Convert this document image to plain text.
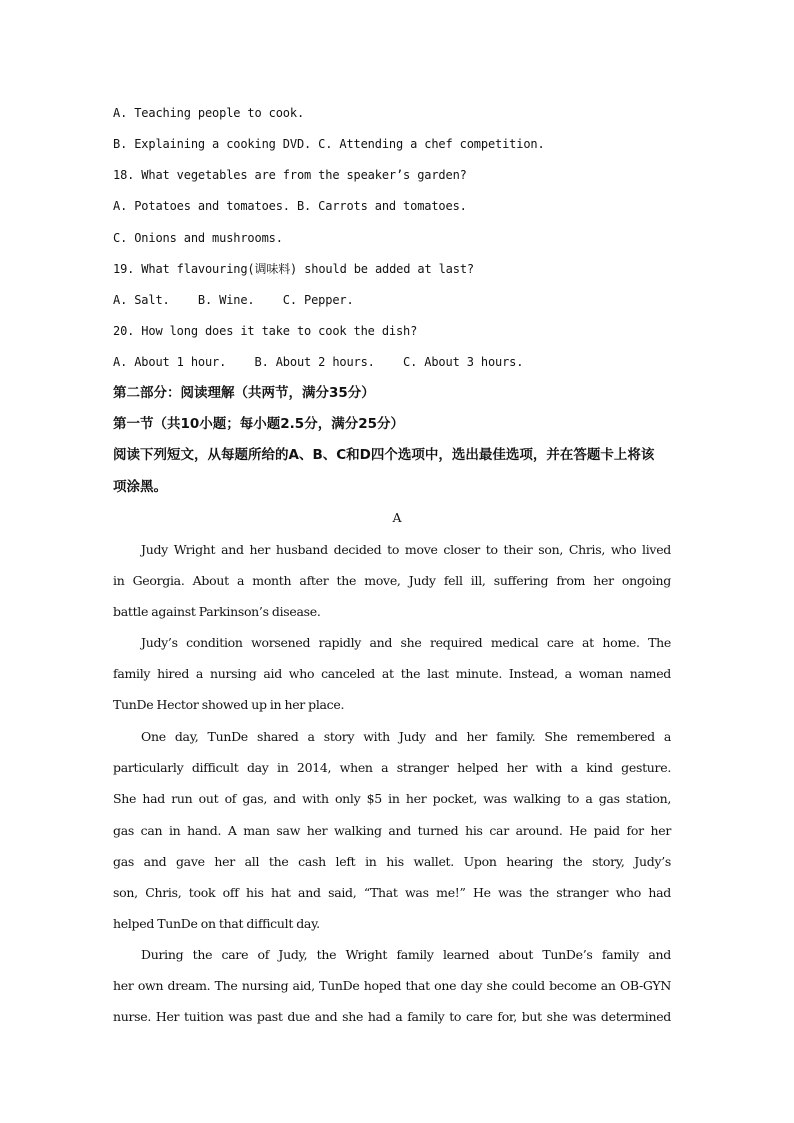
A. Teaching people to cook.
B. Explaining a cooking DVD. C. Attending a chef competition.
18. What vegetables are from the speaker’s garden?
A. Potatoes and tomatoes. B. Carrots and tomatoes.
C. Onions and mushrooms.
19. What flavouring(调味料) should be added at last?
A. Salt.    B. Wine.    C. Pepper.
20. How long does it take to cook the dish?
A. About 1 hour.    B. About 2 hours.    C. About 3 hours.
第二部分：阅读理解（共两节，满分35分）
第一节（共10小题；每小题2.5分，满分25分）
阅读下列短文，从每题所给的A、B、C和D四个选项中，选出最佳选项，并在答题卡上将该
项涂黑。
A
Judy Wright and her husband decided to move closer to their son, Chris, who lived
in Georgia. About a month after the move, Judy fell ill, suffering from her ongoing
battle against Parkinson’s disease.
Judy’s condition worsened rapidly and she required medical care at home. The
family hired a nursing aid who canceled at the last minute. Instead, a woman named
TunDe Hector showed up in her place.
One day, TunDe shared a story with Judy and her family. She remembered a
particularly difficult day in 2014, when a stranger helped her with a kind gesture.
She had run out of gas, and with only $5 in her pocket, was walking to a gas station,
gas can in hand. A man saw her walking and turned his car around. He paid for her
gas and gave her all the cash left in his wallet. Upon hearing the story, Judy’s
son, Chris, took off his hat and said, “That was me!” He was the stranger who had
helped TunDe on that difficult day.
During the care of Judy, the Wright family learned about TunDe’s family and
her own dream. The nursing aid, TunDe hoped that one day she could become an OB-GYN
nurse. Her tuition was past due and she had a family to care for, but she was determined
